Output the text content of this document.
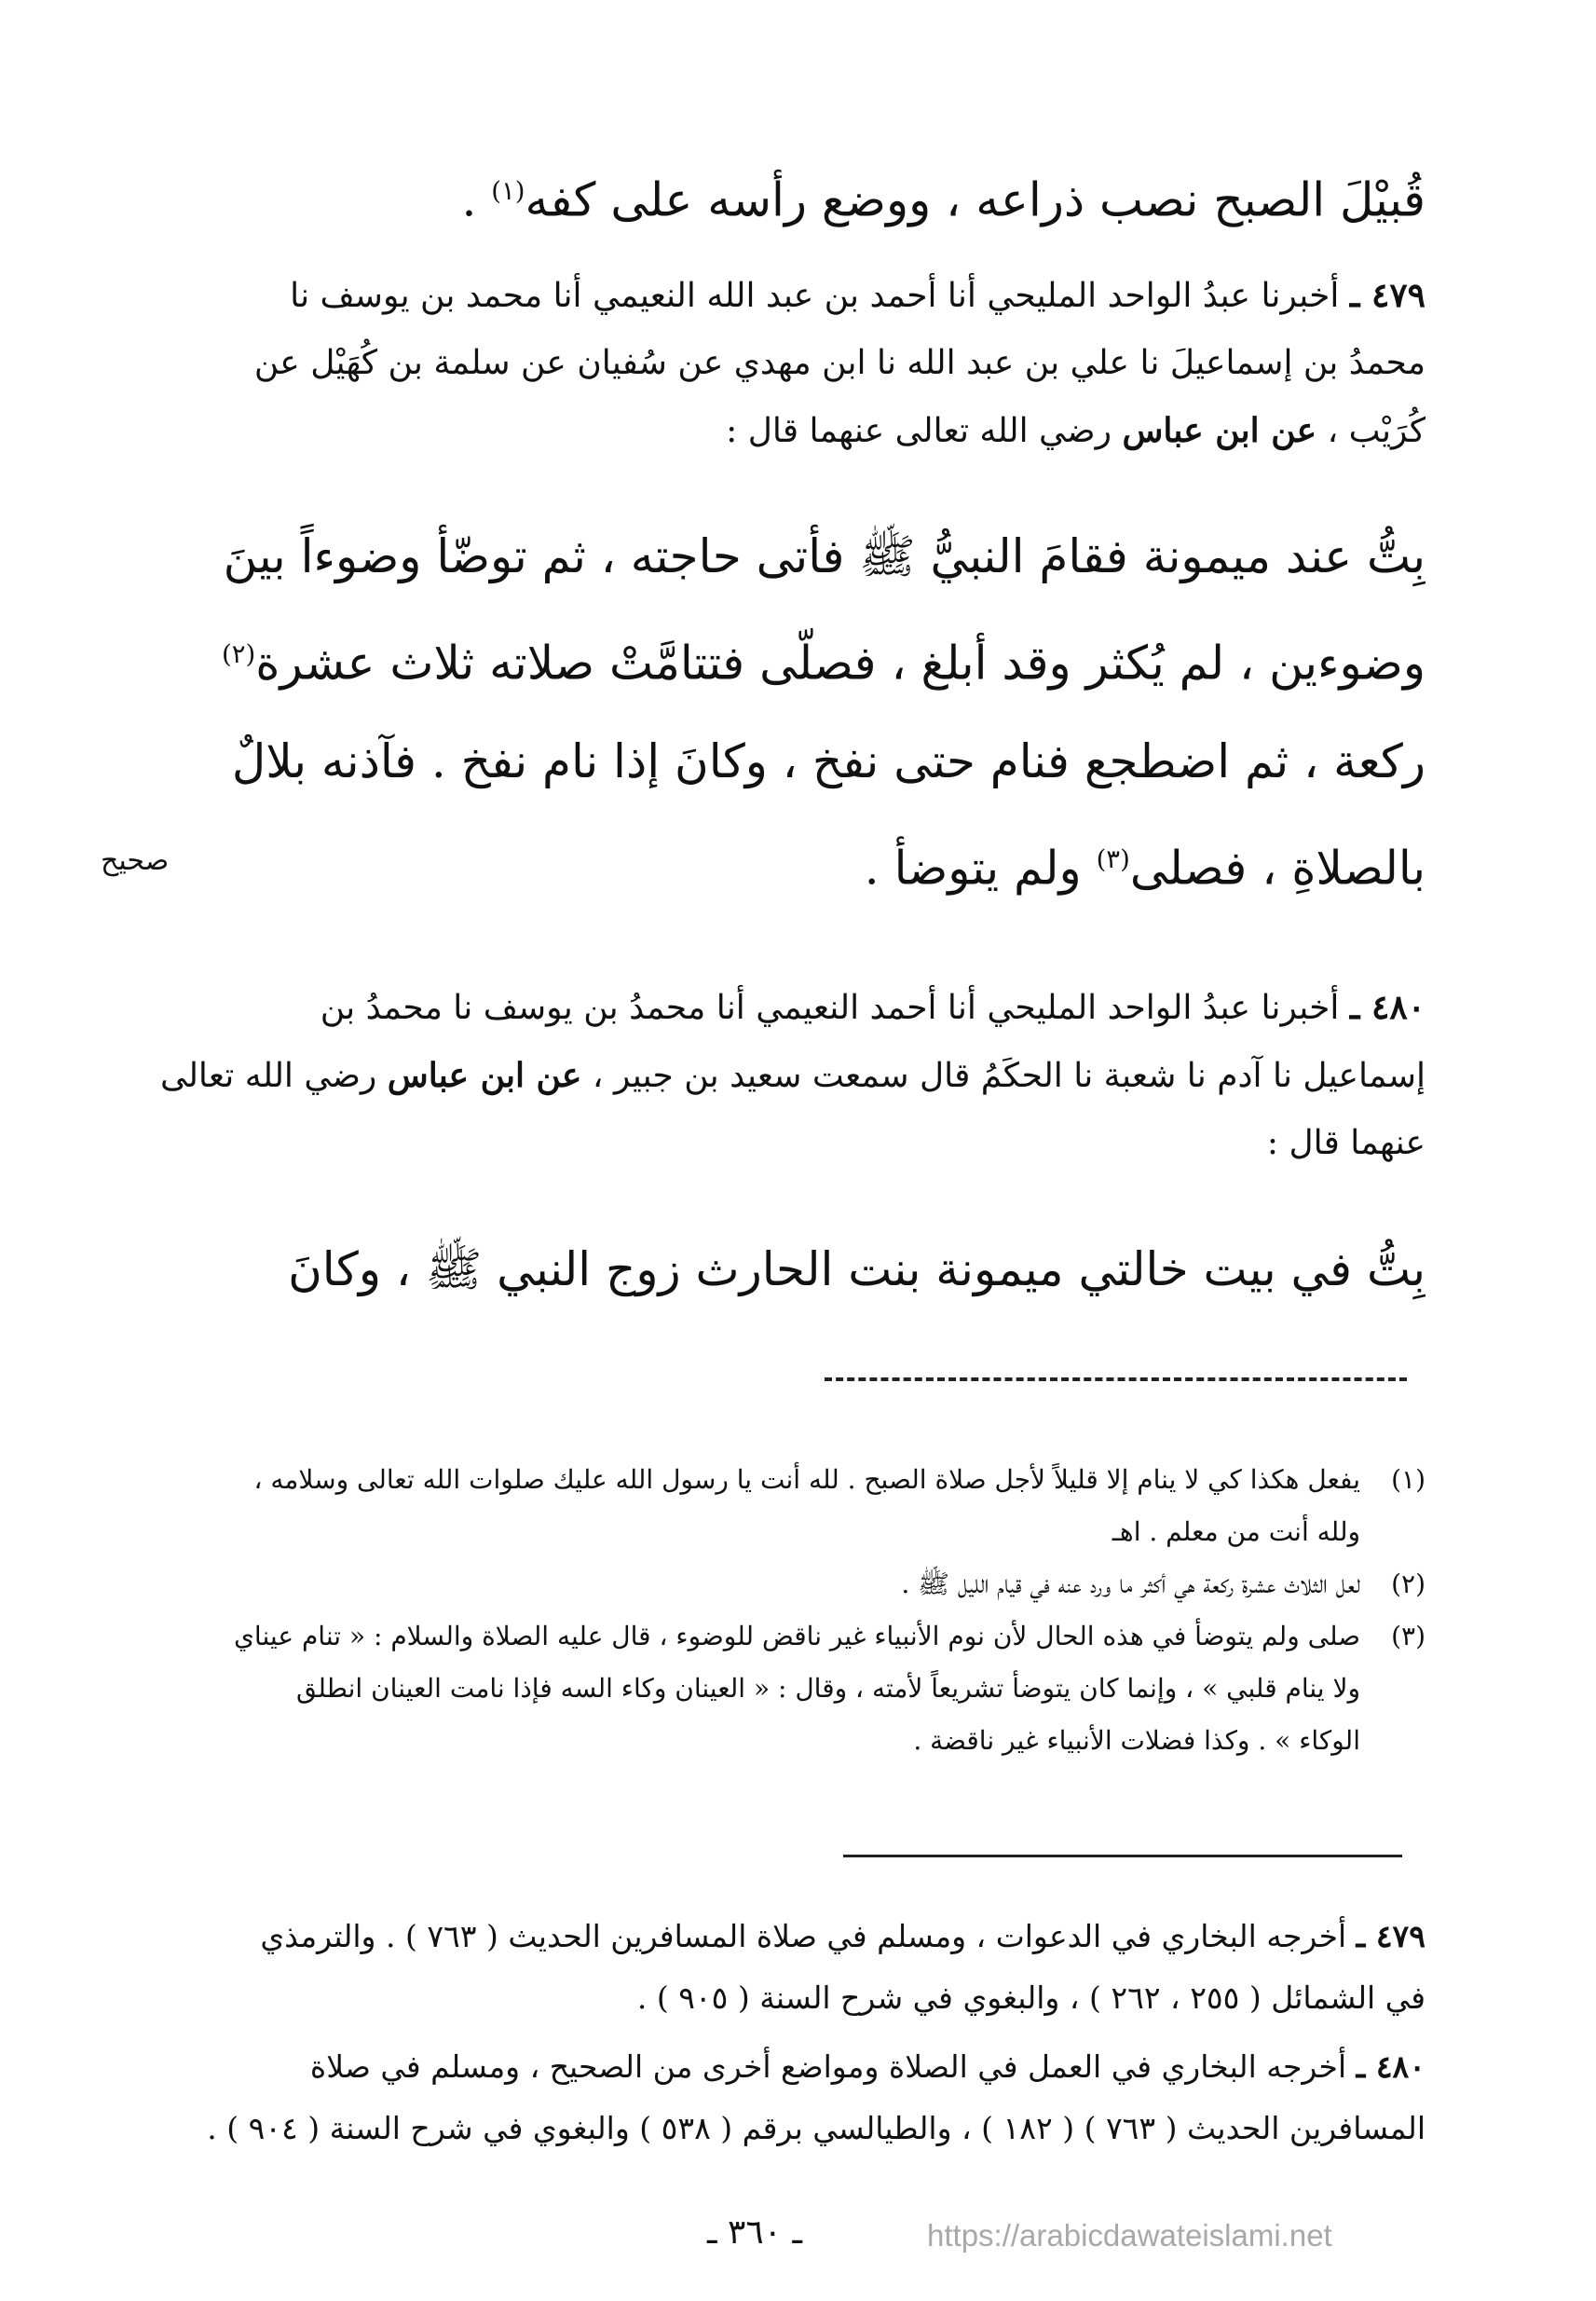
قُبيْلَ الصبح نصب ذراعه ، ووضع رأسه على كفه$^{(١)}$ .
٤٧٩ ـ أخبرنا عبدُ الواحد المليحي أنا أحمد بن عبد الله النعيمي أنا محمد بن يوسف نا
محمدُ بن إسماعيلَ نا علي بن عبد الله نا ابن مهدي عن سُفيان عن سلمة بن كُهَيْل عن
كُرَيْب ، عن ابن عباس رضي الله تعالى عنهما قال :
بِتُّ عند ميمونة فقامَ النبيُّ ﷺ فأتى حاجته ، ثم توضّأ وضوءاً بينَ
وضوءين ، لم يُكثر وقد أبلغ ، فصلّى فتتامَّتْ صلاته ثلاث عشرة$^{(٢)}$
ركعة ، ثم اضطجع فنام حتى نفخ ، وكانَ إذا نام نفخ . فآذنه بلالٌ
بالصلاةِ ، فصلى$^{(٣)}$ ولم يتوضأ .
صحيح
٤٨٠ ـ أخبرنا عبدُ الواحد المليحي أنا أحمد النعيمي أنا محمدُ بن يوسف نا محمدُ بن
إسماعيل نا آدم نا شعبة نا الحكَمُ قال سمعت سعيد بن جبير ، عن ابن عباس رضي الله تعالى
عنهما قال :
بِتُّ في بيت خالتي ميمونة بنت الحارث زوج النبي ﷺ ، وكانَ
(١)
يفعل هكذا كي لا ينام إلا قليلاً لأجل صلاة الصبح . لله أنت يا رسول الله عليك صلوات الله تعالى وسلامه ،
ولله أنت من معلم . اهـ
(٢)
لعل الثلاث عشرة ركعة هي أكثر ما ورد عنه في قيام الليل ﷺ .
(٣)
صلى ولم يتوضأ في هذه الحال لأن نوم الأنبياء غير ناقض للوضوء ، قال عليه الصلاة والسلام : « تنام عيناي
ولا ينام قلبي » ، وإنما كان يتوضأ تشريعاً لأمته ، وقال : « العينان وكاء السه فإذا نامت العينان انطلق
الوكاء » . وكذا فضلات الأنبياء غير ناقضة .
٤٧٩ ـ أخرجه البخاري في الدعوات ، ومسلم في صلاة المسافرين الحديث ( ٧٦٣ ) . والترمذي
في الشمائل ( ٢٥٥ ، ٢٦٢ ) ، والبغوي في شرح السنة ( ٩٠٥ ) .
٤٨٠ ـ أخرجه البخاري في العمل في الصلاة ومواضع أخرى من الصحيح ، ومسلم في صلاة
المسافرين الحديث ( ٧٦٣ ) ( ١٨٢ ) ، والطيالسي برقم ( ٥٣٨ ) والبغوي في شرح السنة ( ٩٠٤ ) .
ـ ٣٦٠ ـ	https://arabicdawateislami.net
